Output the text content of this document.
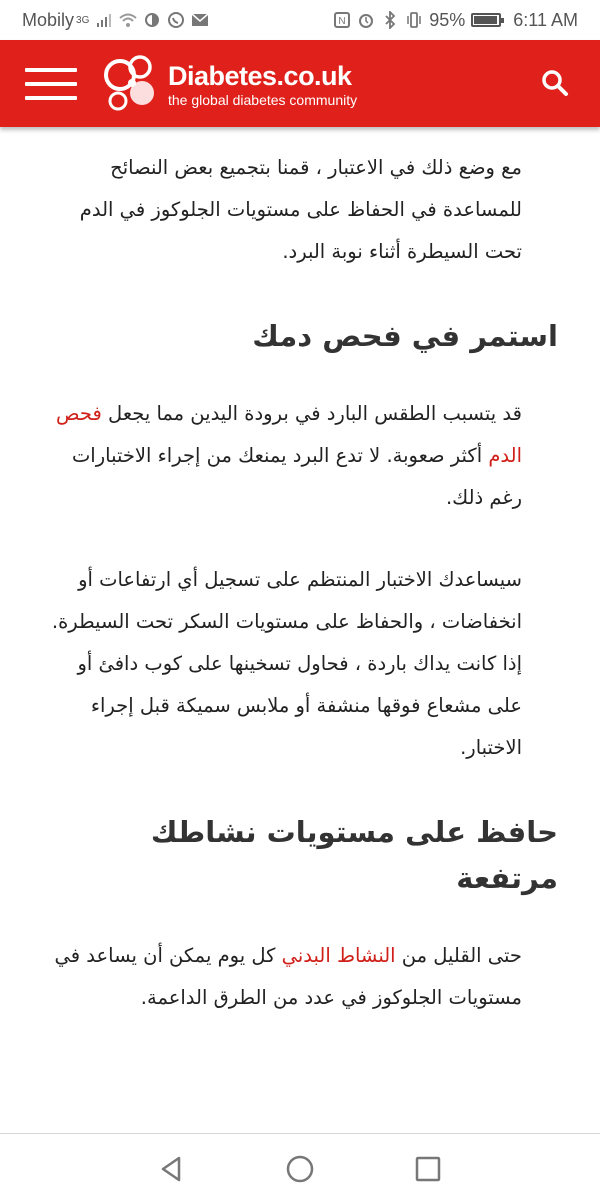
Mobily 3G	N	95%	6:11 AM
Diabetes.co.uk
the global diabetes community

مع وضع ذلك في الاعتبار ، قمنا بتجميع بعض النصائح للمساعدة في الحفاظ على مستويات الجلوكوز في الدم تحت السيطرة أثناء نوبة البرد.

استمر في فحص دمك

قد يتسبب الطقس البارد في برودة اليدين مما يجعل فحص الدم أكثر صعوبة. لا تدع البرد يمنعك من إجراء الاختبارات رغم ذلك.

سيساعدك الاختبار المنتظم على تسجيل أي ارتفاعات أو انخفاضات ، والحفاظ على مستويات السكر تحت السيطرة. إذا كانت يداك باردة ، فحاول تسخينها على كوب دافئ أو على مشعاع فوقها منشفة أو ملابس سميكة قبل إجراء الاختبار.

حافظ على مستويات نشاطك مرتفعة

حتى القليل من النشاط البدني كل يوم يمكن أن يساعد في مستويات الجلوكوز في عدد من الطرق الداعمة.
